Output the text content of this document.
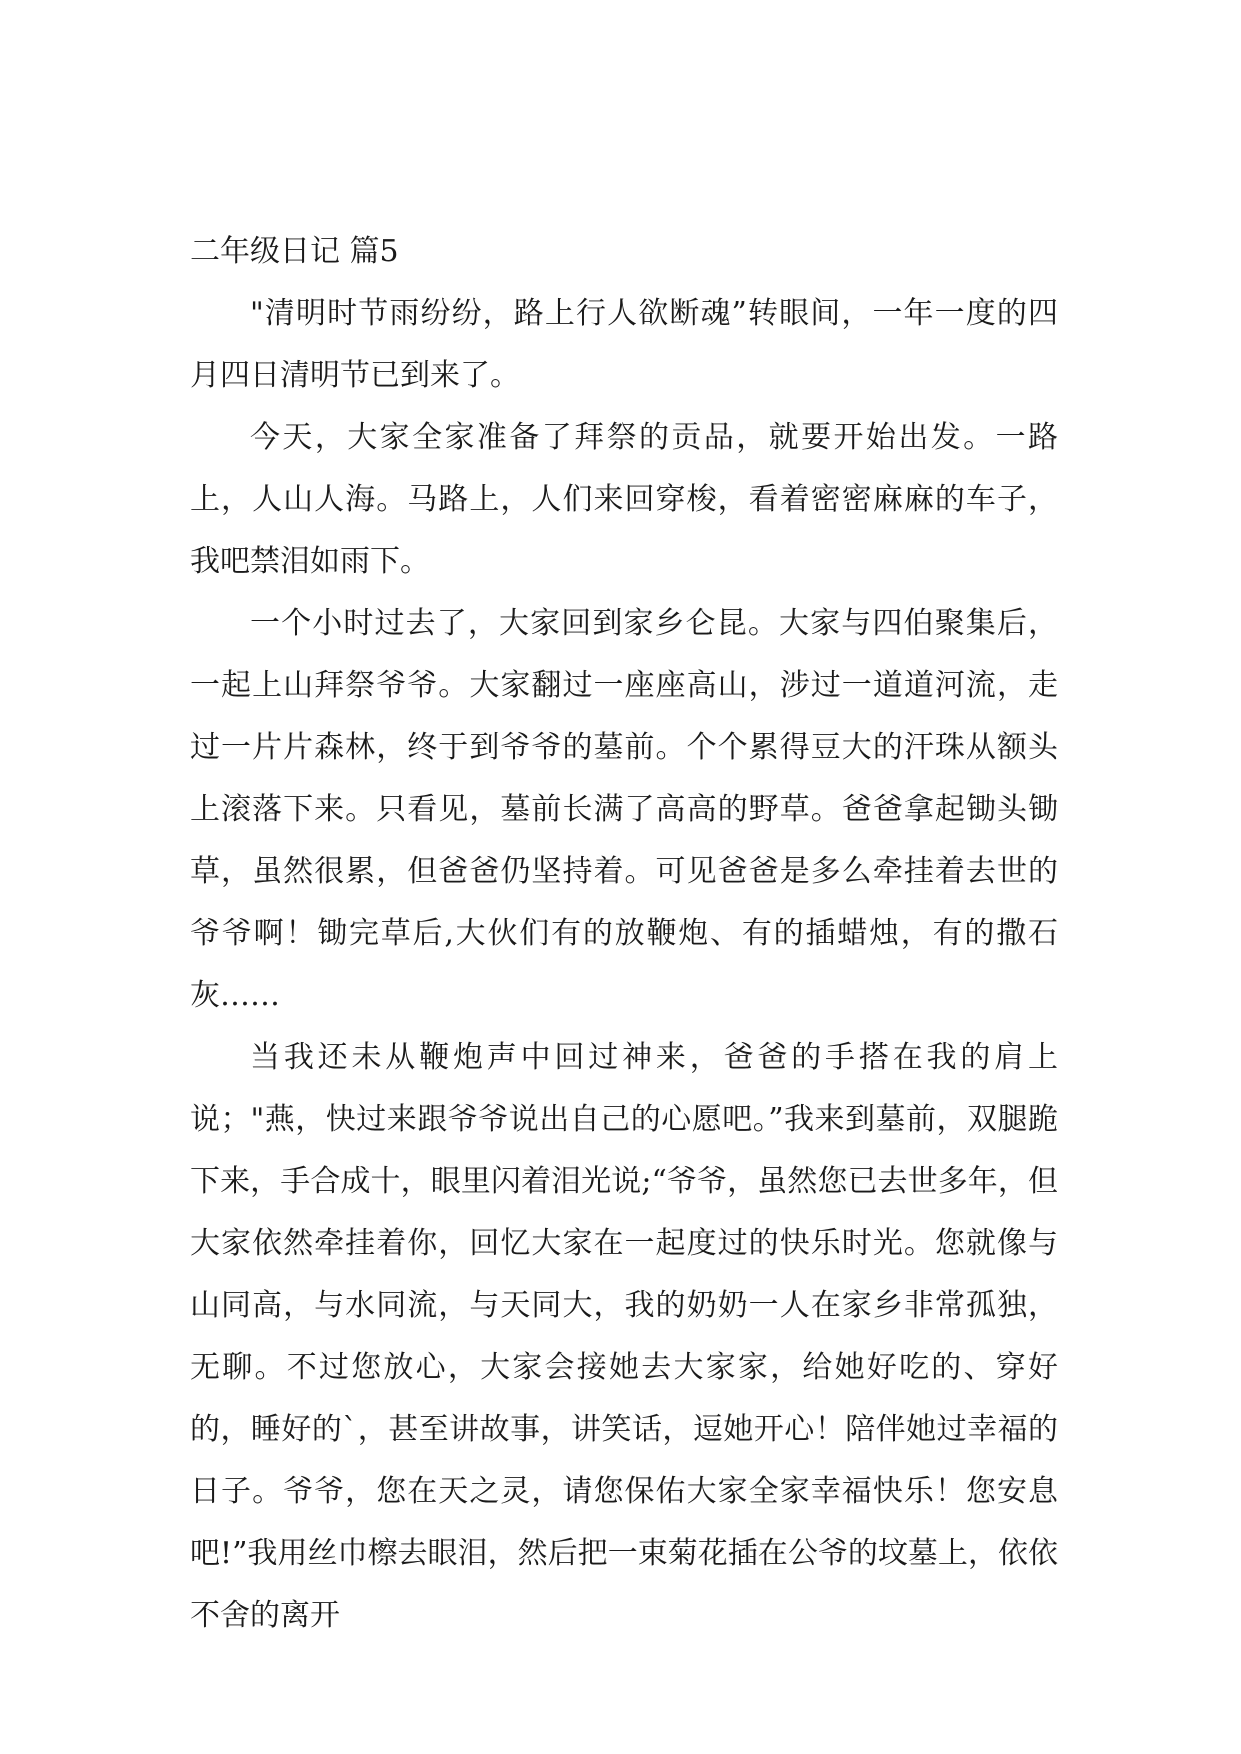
二年级日记 篇5

"清明时节雨纷纷，路上行人欲断魂”转眼间，一年一度的四月四日清明节已到来了。

今天，大家全家准备了拜祭的贡品，就要开始出发。一路上，人山人海。马路上，人们来回穿梭，看着密密麻麻的车子，我吧禁泪如雨下。

一个小时过去了，大家回到家乡仑昆。大家与四伯聚集后，一起上山拜祭爷爷。大家翻过一座座高山，涉过一道道河流，走过一片片森林，终于到爷爷的墓前。个个累得豆大的汗珠从额头上滚落下来。只看见，墓前长满了高高的野草。爸爸拿起锄头锄草，虽然很累，但爸爸仍坚持着。可见爸爸是多么牵挂着去世的爷爷啊！锄完草后,大伙们有的放鞭炮、有的插蜡烛，有的撒石灰……

当我还未从鞭炮声中回过神来，爸爸的手搭在我的肩上说；"燕，快过来跟爷爷说出自己的心愿吧。”我来到墓前，双腿跪下来，手合成十，眼里闪着泪光说;“爷爷，虽然您已去世多年，但大家依然牵挂着你，回忆大家在一起度过的快乐时光。您就像与山同高，与水同流，与天同大，我的奶奶一人在家乡非常孤独，无聊。不过您放心，大家会接她去大家家，给她好吃的、穿好的，睡好的`，甚至讲故事，讲笑话，逗她开心！陪伴她过幸福的日子。爷爷，您在天之灵，请您保佑大家全家幸福快乐！您安息吧!”我用丝巾檫去眼泪，然后把一束菊花插在公爷的坟墓上，依依不舍的离开
